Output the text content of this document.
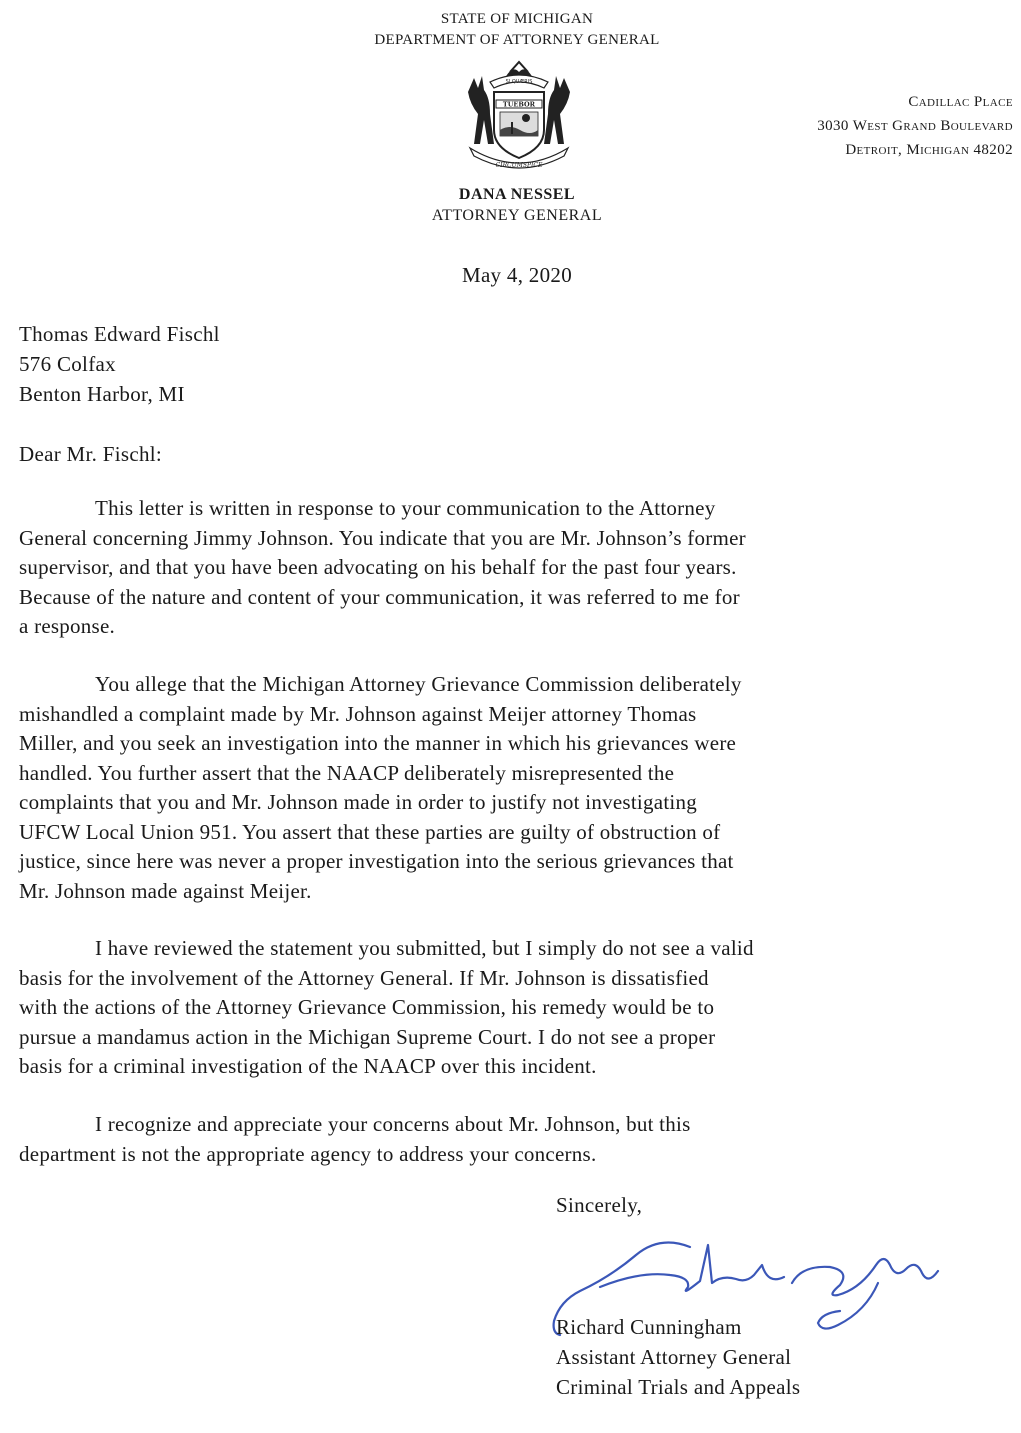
STATE OF MICHIGAN
DEPARTMENT OF ATTORNEY GENERAL
SI QUÆRIS
TUEBOR
CIRCUMSPICE
Cadillac Place
3030 West Grand Boulevard
Detroit, Michigan 48202
DANA NESSEL
ATTORNEY GENERAL
May 4, 2020
Thomas Edward Fischl
576 Colfax
Benton Harbor, MI
Dear Mr. Fischl:
This letter is written in response to your communication to the Attorney
General concerning Jimmy Johnson. You indicate that you are Mr. Johnson’s former
supervisor, and that you have been advocating on his behalf for the past four years.
Because of the nature and content of your communication, it was referred to me for
a response.
You allege that the Michigan Attorney Grievance Commission deliberately
mishandled a complaint made by Mr. Johnson against Meijer attorney Thomas
Miller, and you seek an investigation into the manner in which his grievances were
handled. You further assert that the NAACP deliberately misrepresented the
complaints that you and Mr. Johnson made in order to justify not investigating
UFCW Local Union 951. You assert that these parties are guilty of obstruction of
justice, since here was never a proper investigation into the serious grievances that
Mr. Johnson made against Meijer.
I have reviewed the statement you submitted, but I simply do not see a valid
basis for the involvement of the Attorney General. If Mr. Johnson is dissatisfied
with the actions of the Attorney Grievance Commission, his remedy would be to
pursue a mandamus action in the Michigan Supreme Court. I do not see a proper
basis for a criminal investigation of the NAACP over this incident.
I recognize and appreciate your concerns about Mr. Johnson, but this
department is not the appropriate agency to address your concerns.
Sincerely,
Richard Cunningham
Assistant Attorney General
Criminal Trials and Appeals
